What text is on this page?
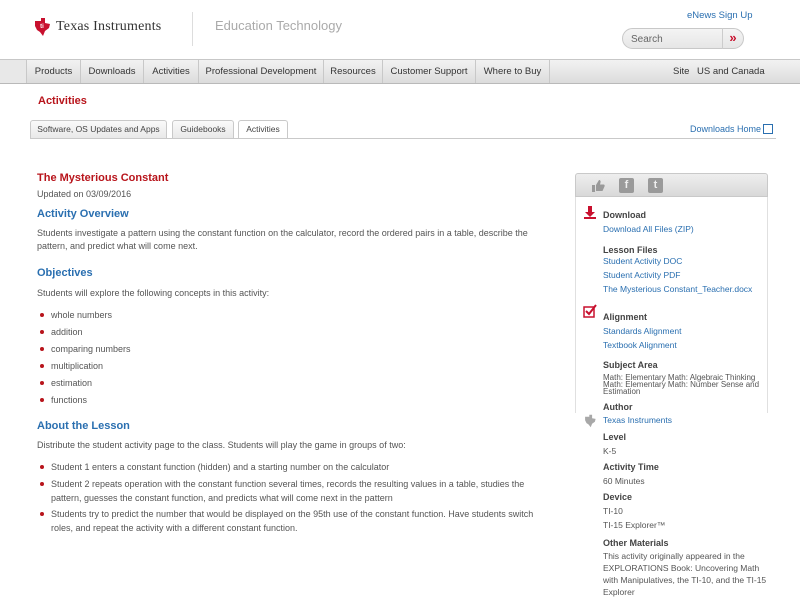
ti Texas Instruments	Education Technology
eNews Sign Up
Search
»
Products	Downloads	Activities	Professional Development	Resources	Customer Support	Where to Buy	Site US and Canada
Activities
Software, OS Updates and Apps	Guidebooks	Activities	Downloads Home
The Mysterious Constant
Updated on 03/09/2016
Activity Overview
Students investigate a pattern using the constant function on the calculator, record the ordered pairs in a table, describe the pattern, and predict what will come next.
Objectives
Students will explore the following concepts in this activity:
whole numbers
addition
comparing numbers
multiplication
estimation
functions
About the Lesson
Distribute the student activity page to the class. Students will play the game in groups of two:
Student 1 enters a constant function (hidden) and a starting number on the calculator
Student 2 repeats operation with the constant function several times, records the resulting values in a table, studies the pattern, guesses the constant function, and predicts what will come next in the pattern
Students try to predict the number that would be displayed on the 95th use of the constant function. Have students switch roles, and repeat the activity with a different constant function.
f	t
Download
Download All Files (ZIP)
Lesson Files
Student Activity DOC
Student Activity PDF
The Mysterious Constant_Teacher.docx
Alignment
Standards Alignment
Textbook Alignment
Subject Area
Math: Elementary Math: Algebraic Thinking
Math: Elementary Math: Number Sense and
Estimation
Author
Texas Instruments
Level
K-5
Activity Time
60 Minutes
Device
TI-10
TI-15 Explorer™
Other Materials
This activity originally appeared in the EXPLORATIONS Book: Uncovering Math with Manipulatives, the TI-10, and the TI-15 Explorer
